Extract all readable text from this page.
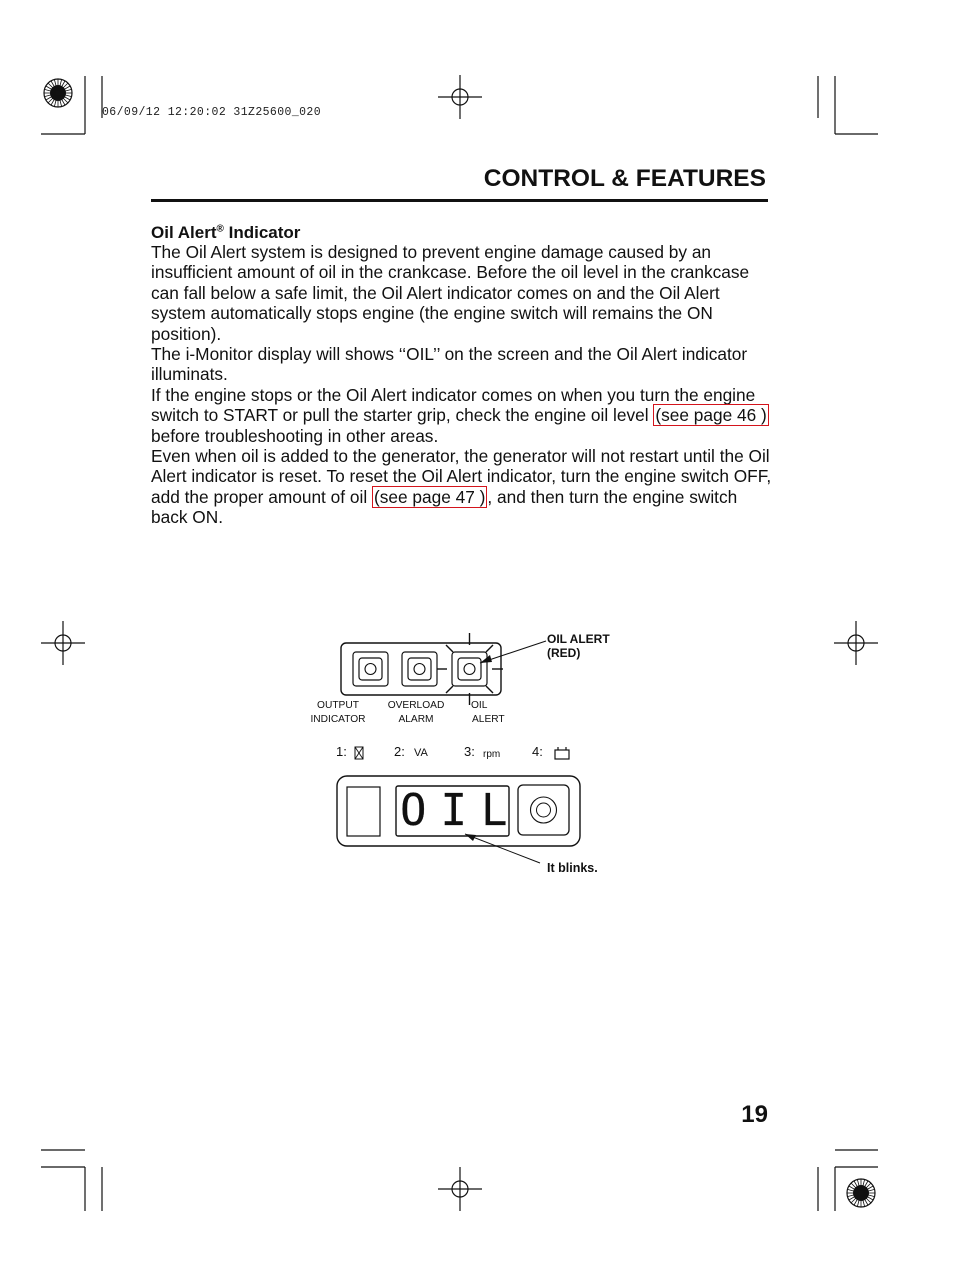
06/09/12 12:20:02 31Z25600_020
CONTROL & FEATURES
Oil Alert® Indicator

The Oil Alert system is designed to prevent engine damage caused by an insufficient amount of oil in the crankcase. Before the oil level in the crankcase can fall below a safe limit, the Oil Alert indicator comes on and the Oil Alert system automatically stops engine (the engine switch will remains the ON position).

The i-Monitor display will shows ‘‘OIL’’ on the screen and the Oil Alert indicator illuminats.

If the engine stops or the Oil Alert indicator comes on when you turn the engine switch to START or pull the starter grip, check the engine oil level (see page 46 ) before troubleshooting in other areas.

Even when oil is added to the generator, the generator will not restart until the Oil Alert indicator is reset. To reset the Oil Alert indicator, turn the engine switch OFF, add the proper amount of oil (see page 47 ) , and then turn the engine switch back ON.

OUTPUT
INDICATOR
OVERLOAD
ALARM
OIL
ALERT
OIL ALERT
(RED)
1:	2: VA	3: rpm 4:
OIL
It blinks.
19
